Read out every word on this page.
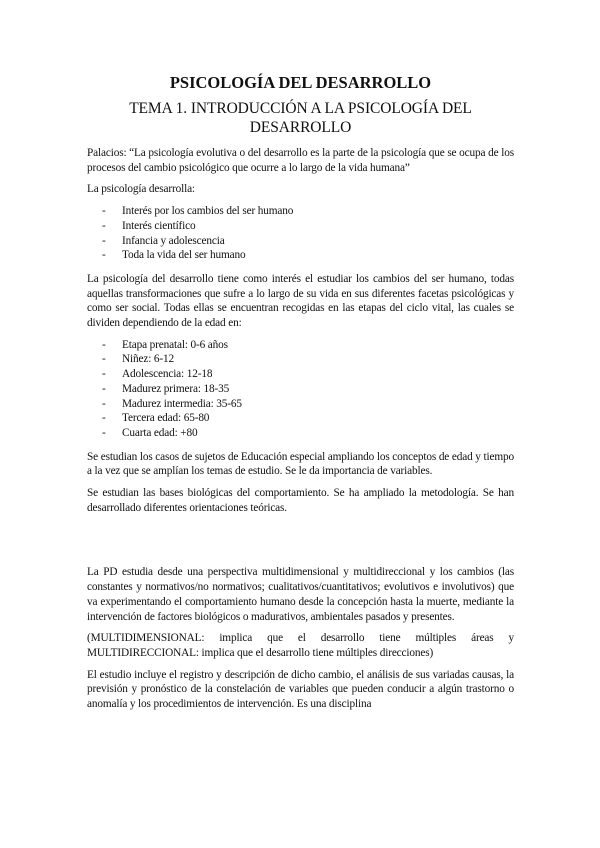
PSICOLOGÍA DEL DESARROLLO
TEMA 1. INTRODUCCIÓN A LA PSICOLOGÍA DEL DESARROLLO

Palacios: “La psicología evolutiva o del desarrollo es la parte de la psicología que se ocupa de los procesos del cambio psicológico que ocurre a lo largo de la vida humana”

La psicología desarrolla:

- Interés por los cambios del ser humano
- Interés científico
- Infancia y adolescencia
- Toda la vida del ser humano

La psicología del desarrollo tiene como interés el estudiar los cambios del ser humano, todas aquellas transformaciones que sufre a lo largo de su vida en sus diferentes facetas psicológicas y como ser social. Todas ellas se encuentran recogidas en las etapas del ciclo vital, las cuales se dividen dependiendo de la edad en:

- Etapa prenatal: 0-6 años
- Niñez: 6-12
- Adolescencia: 12-18
- Madurez primera: 18-35
- Madurez intermedia: 35-65
- Tercera edad: 65-80
- Cuarta edad: +80

Se estudian los casos de sujetos de Educación especial ampliando los conceptos de edad y tiempo a la vez que se amplían los temas de estudio. Se le da importancia de variables.

Se estudian las bases biológicas del comportamiento. Se ha ampliado la metodología. Se han desarrollado diferentes orientaciones teóricas.

La PD estudia desde una perspectiva multidimensional y multidireccional y los cambios (las constantes y normativos/no normativos; cualitativos/cuantitativos; evolutivos e involutivos) que va experimentando el comportamiento humano desde la concepción hasta la muerte, mediante la intervención de factores biológicos o madurativos, ambientales pasados y presentes.

(MULTIDIMENSIONAL: implica que el desarrollo tiene múltiples áreas y MULTIDIRECCIONAL: implica que el desarrollo tiene múltiples direcciones)

El estudio incluye el registro y descripción de dicho cambio, el análisis de sus variadas causas, la previsión y pronóstico de la constelación de variables que pueden conducir a algún trastorno o anomalía y los procedimientos de intervención. Es una disciplina
